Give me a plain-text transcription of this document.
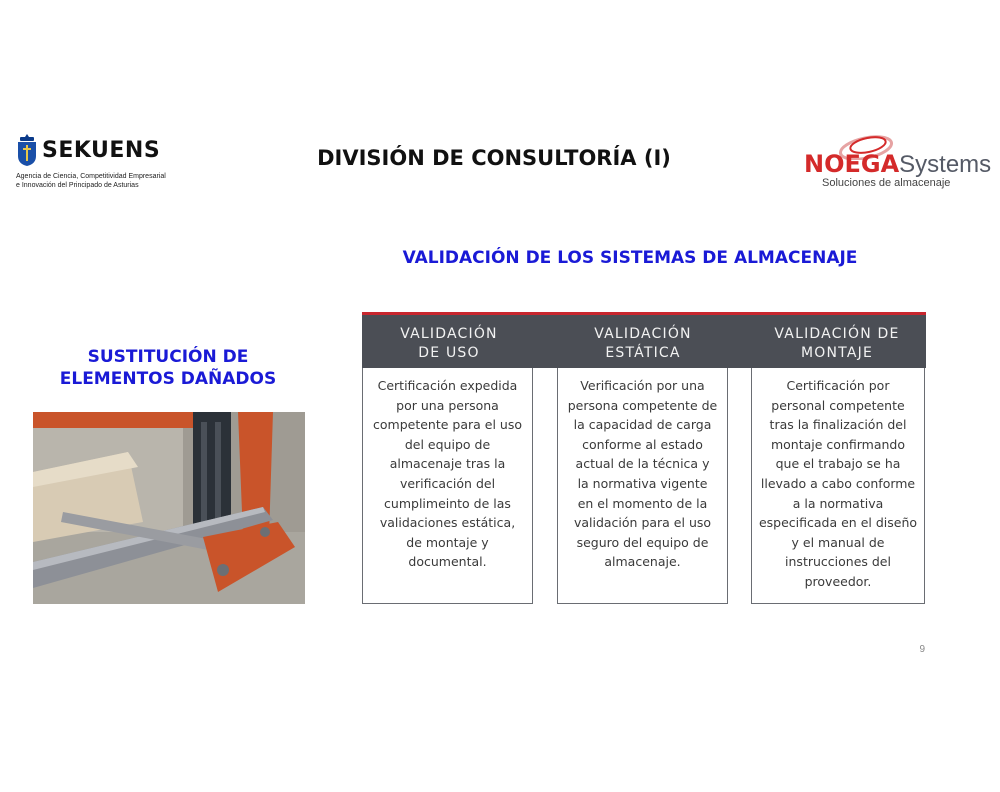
SEKUENS
Agencia de Ciencia, Competitividad Empresarial
e Innovación del Principado de Asturias
DIVISIÓN DE CONSULTORÍA (I)	NOEGASystems
Soluciones de almacenaje
VALIDACIÓN DE LOS SISTEMAS DE ALMACENAJE
SUSTITUCIÓN DE
ELEMENTOS DAÑADOS
VALIDACIÓN
DE USO
VALIDACIÓN
ESTÁTICA
VALIDACIÓN DE
MONTAJE
Certificación expedida
por una persona
competente para el uso
del equipo de
almacenaje tras la
verificación del
cumplimeinto de las
validaciones estática,
de montaje y
documental.
Verificación por una
persona competente de
la capacidad de carga
conforme al estado
actual de la técnica y
la normativa vigente
en el momento de la
validación para el uso
seguro del equipo de
almacenaje.
Certificación por
personal competente
tras la finalización del
montaje confirmando
que el trabajo se ha
llevado a cabo conforme
a la normativa
especificada en el diseño
y el manual de
instrucciones del
proveedor.
9
